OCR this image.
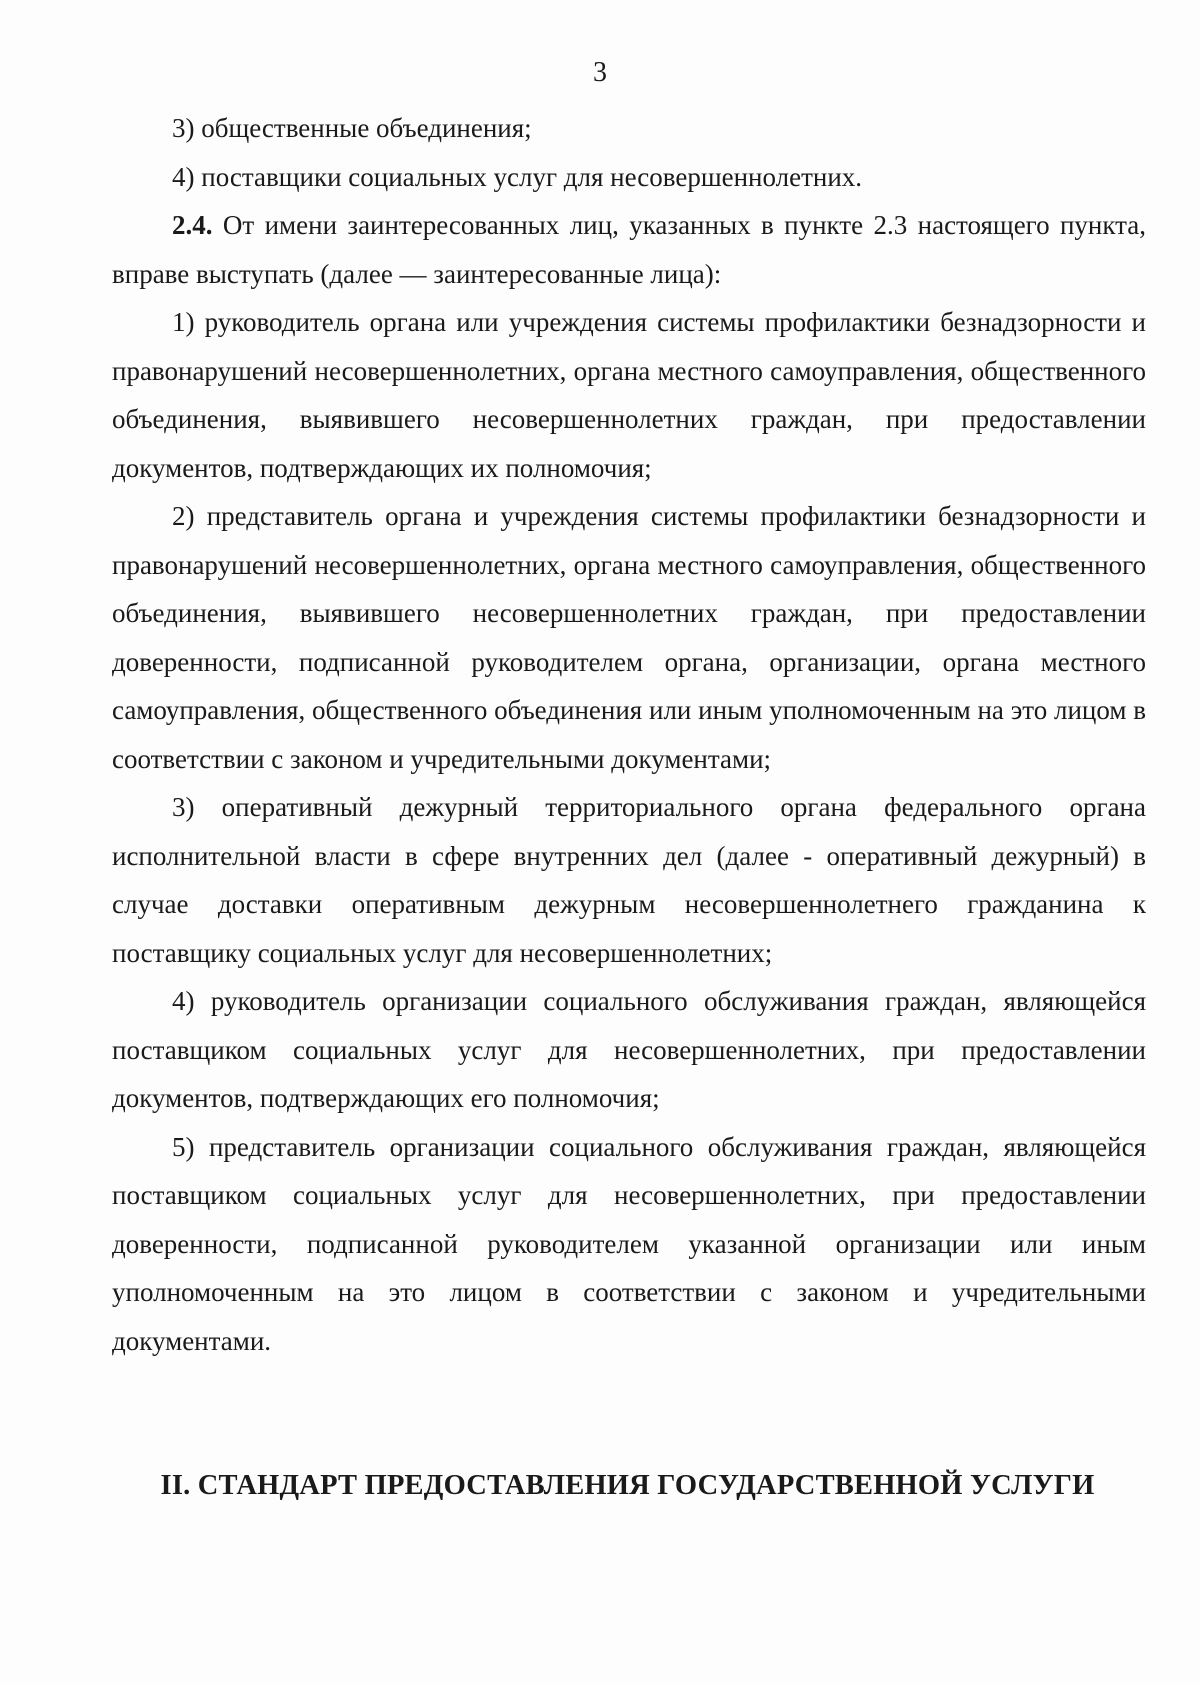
3

3) общественные объединения;

4) поставщики социальных услуг для несовершеннолетних.

2.4. От имени заинтересованных лиц, указанных в пункте 2.3 настоящего пункта, вправе выступать (далее — заинтересованные лица):

1) руководитель органа или учреждения системы профилактики безнадзорности и правонарушений несовершеннолетних, органа местного самоуправления, общественного объединения, выявившего несовершеннолетних граждан, при предоставлении документов, подтверждающих их полномочия;

2) представитель органа и учреждения системы профилактики безнадзорности и правонарушений несовершеннолетних, органа местного самоуправления, общественного объединения, выявившего несовершеннолетних граждан, при предоставлении доверенности, подписанной руководителем органа, организации, органа местного самоуправления, общественного объединения или иным уполномоченным на это лицом в соответствии с законом и учредительными документами;

3) оперативный дежурный территориального органа федерального органа исполнительной власти в сфере внутренних дел (далее - оперативный дежурный) в случае доставки оперативным дежурным несовершеннолетнего гражданина к поставщику социальных услуг для несовершеннолетних;

4) руководитель организации социального обслуживания граждан, являющейся поставщиком социальных услуг для несовершеннолетних, при предоставлении документов, подтверждающих его полномочия;

5) представитель организации социального обслуживания граждан, являющейся поставщиком социальных услуг для несовершеннолетних, при предоставлении доверенности, подписанной руководителем указанной организации или иным уполномоченным на это лицом в соответствии с законом и учредительными документами.

II. СТАНДАРТ ПРЕДОСТАВЛЕНИЯ ГОСУДАРСТВЕННОЙ УСЛУГИ
